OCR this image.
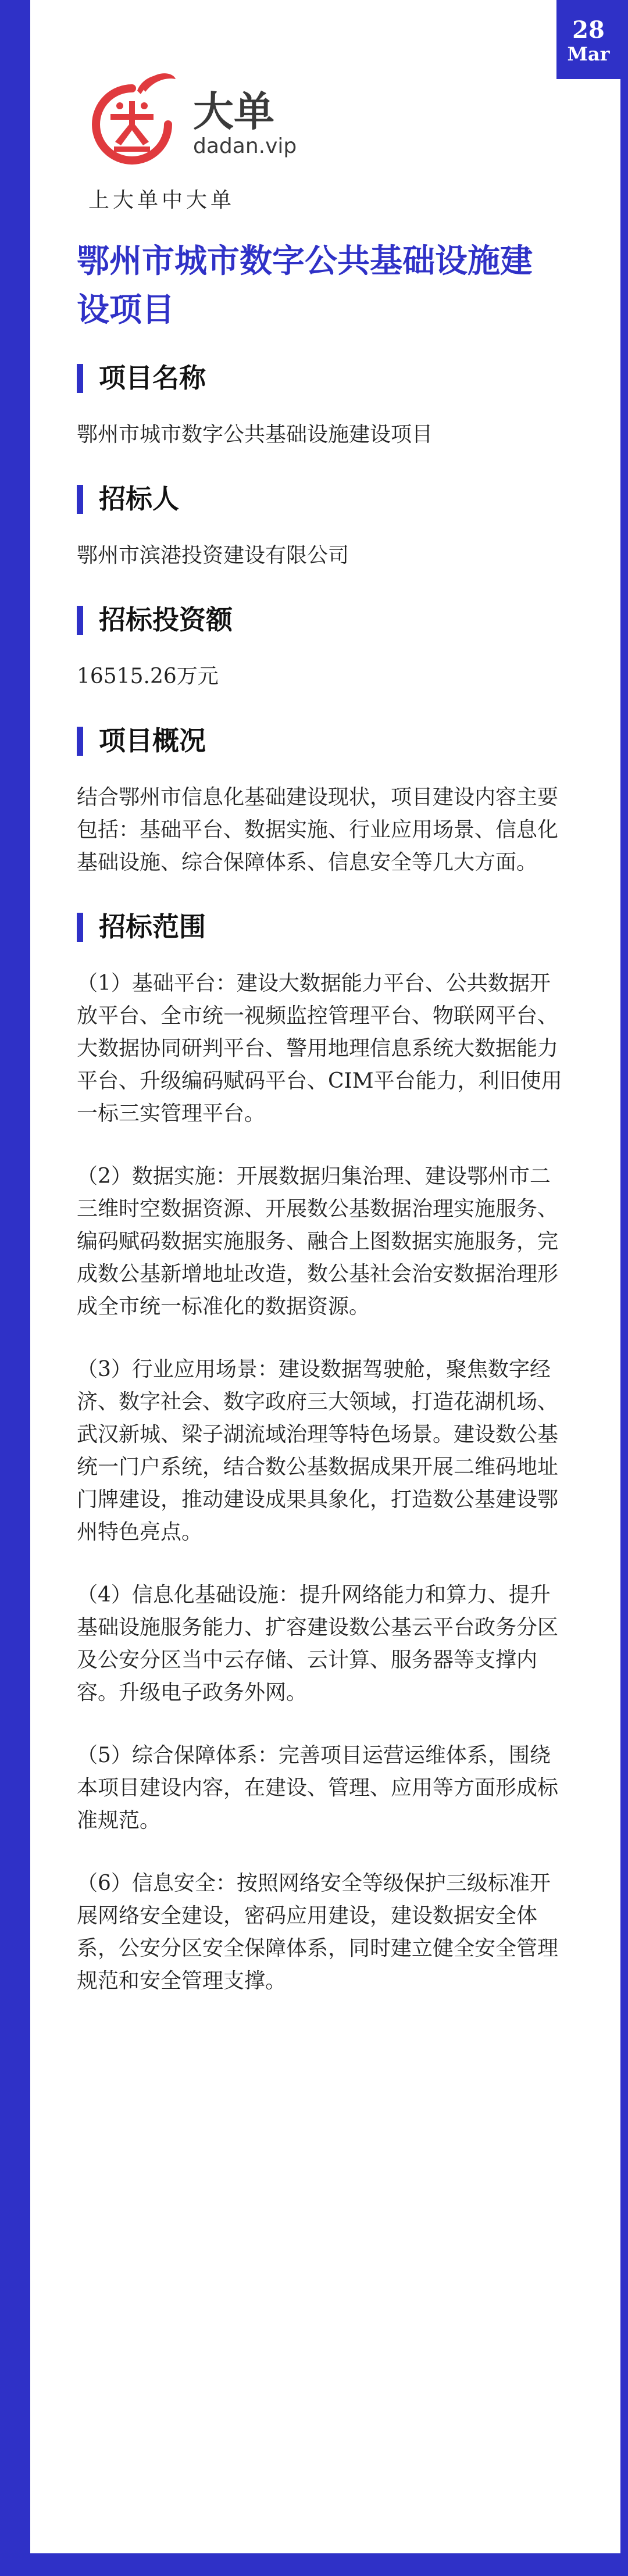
28
Mar
大单
dadan.vip
上大单中大单
鄂州市城市数字公共基础设施建设项目
项目名称

鄂州市城市数字公共基础设施建设项目

招标人

鄂州市滨港投资建设有限公司

招标投资额

16515.26万元

项目概况

结合鄂州市信息化基础建设现状，项目建设内容主要包括：基础平台、数据实施、行业应用场景、信息化基础设施、综合保障体系、信息安全等几大方面。

招标范围

（1）基础平台：建设大数据能力平台、公共数据开放平台、全市统一视频监控管理平台、物联网平台、大数据协同研判平台、警用地理信息系统大数据能力平台、升级编码赋码平台、CIM平台能力，利旧使用一标三实管理平台。

（2）数据实施：开展数据归集治理、建设鄂州市二三维时空数据资源、开展数公基数据治理实施服务、编码赋码数据实施服务、融合上图数据实施服务，完成数公基新增地址改造，数公基社会治安数据治理形成全市统一标准化的数据资源。

（3）行业应用场景：建设数据驾驶舱，聚焦数字经济、数字社会、数字政府三大领域，打造花湖机场、武汉新城、梁子湖流域治理等特色场景。建设数公基统一门户系统，结合数公基数据成果开展二维码地址门牌建设，推动建设成果具象化，打造数公基建设鄂州特色亮点。

（4）信息化基础设施：提升网络能力和算力、提升基础设施服务能力、扩容建设数公基云平台政务分区及公安分区当中云存储、云计算、服务器等支撑内容。升级电子政务外网。

（5）综合保障体系：完善项目运营运维体系，围绕本项目建设内容，在建设、管理、应用等方面形成标准规范。

（6）信息安全：按照网络安全等级保护三级标准开展网络安全建设，密码应用建设，建设数据安全体系，公安分区安全保障体系，同时建立健全安全管理规范和安全管理支撑。
